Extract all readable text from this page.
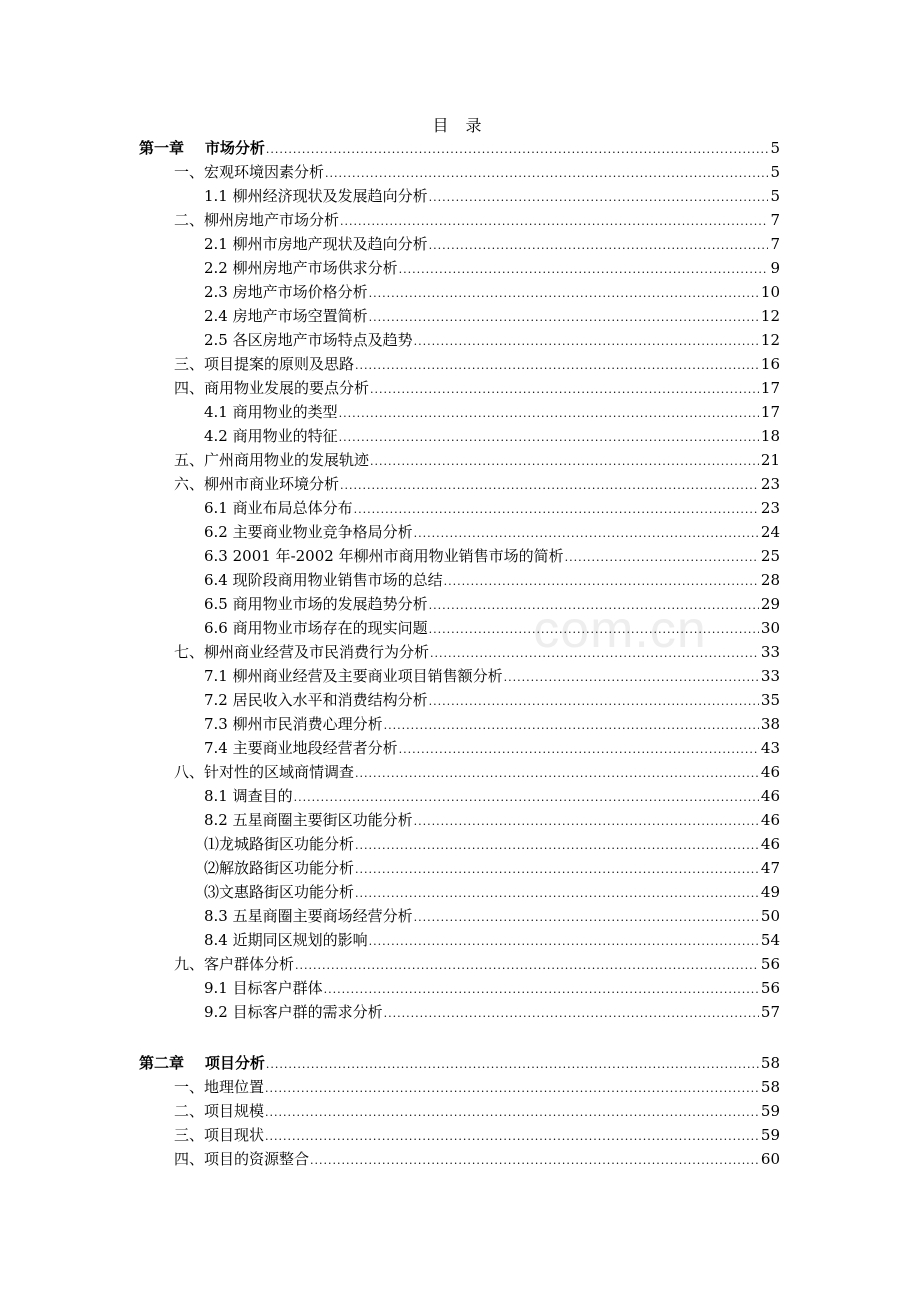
com.cn
目 录
第一章    市场分析 .....	5
一、宏观环境因素分析 .....	5
1.1 柳州经济现状及发展趋向分析 .....	5
二、柳州房地产市场分析 .....	7
2.1 柳州市房地产现状及趋向分析 .....	7
2.2 柳州房地产市场供求分析 .....	9
2.3 房地产市场价格分析 .....	10
2.4 房地产市场空置简析 .....	12
2.5 各区房地产市场特点及趋势 .....	12
三、项目提案的原则及思路 .....	16
四、商用物业发展的要点分析 .....	17
4.1 商用物业的类型 .....	17
4.2 商用物业的特征 .....	18
五、广州商用物业的发展轨迹 .....	21
六、柳州市商业环境分析 .....	23
6.1 商业布局总体分布 .....	23
6.2 主要商业物业竞争格局分析 .....	24
6.3 2001 年-2002 年柳州市商用物业销售市场的简析 .....	25
6.4 现阶段商用物业销售市场的总结 .....	28
6.5 商用物业市场的发展趋势分析 .....	29
6.6 商用物业市场存在的现实问题 .....	30
七、柳州商业经营及市民消费行为分析 .....	33
7.1 柳州商业经营及主要商业项目销售额分析 .....	33
7.2 居民收入水平和消费结构分析 .....	35
7.3 柳州市民消费心理分析 .....	38
7.4 主要商业地段经营者分析 .....	43
八、针对性的区域商情调查 .....	46
8.1 调查目的 .....	46
8.2 五星商圈主要街区功能分析 .....	46
⑴龙城路街区功能分析 .....	46
⑵解放路街区功能分析 .....	47
⑶文惠路街区功能分析 .....	49
8.3 五星商圈主要商场经营分析 .....	50
8.4 近期同区规划的影响 .....	54
九、客户群体分析 .....	56
9.1 目标客户群体 .....	56
9.2 目标客户群的需求分析 .....	57
第二章    项目分析 .....	58
一、地理位置 .....	58
二、项目规模 .....	59
三、项目现状 .....	59
四、项目的资源整合 .....	60
